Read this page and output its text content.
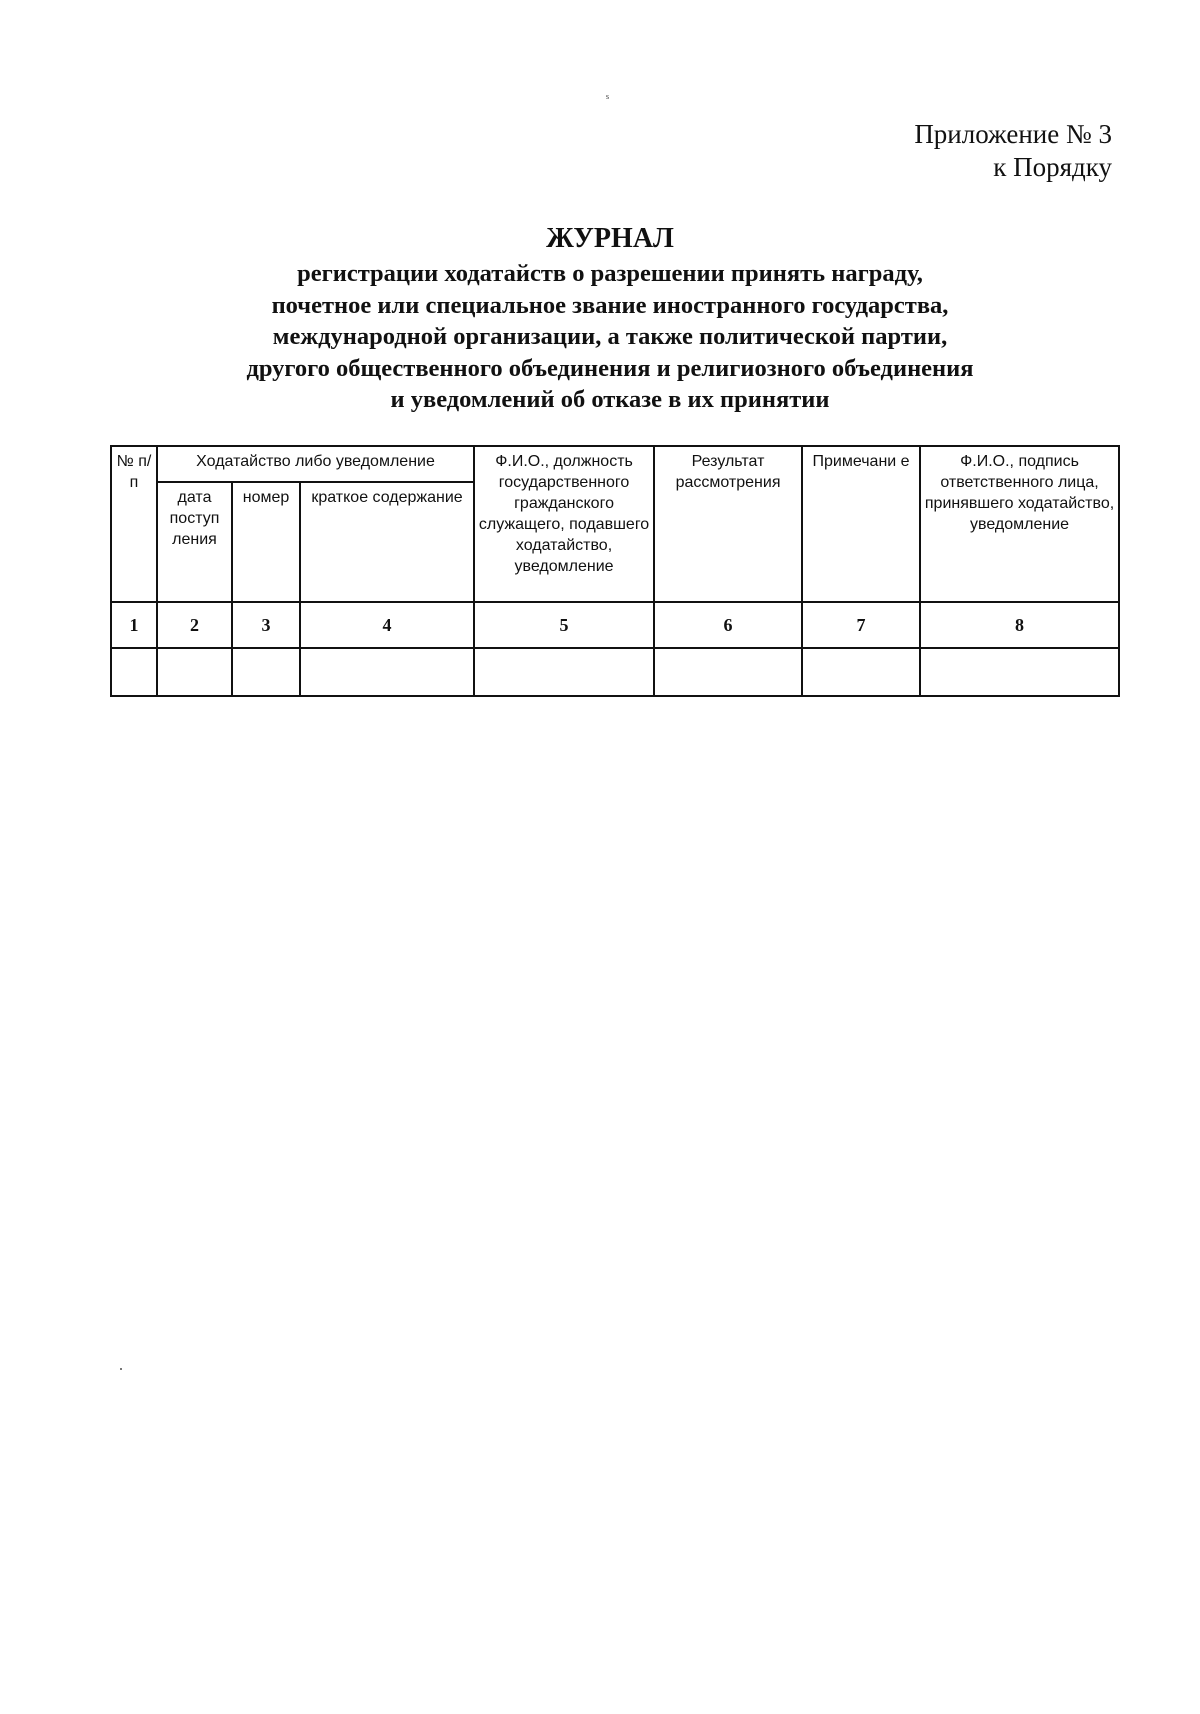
ˢ
Приложение № 3
к Порядку
ЖУРНАЛ
регистрации ходатайств о разрешении принять награду,
почетное или специальное звание иностранного государства,
международной организации, а также политической партии,
другого общественного объединения и религиозного объединения
и уведомлений об отказе в их принятии
№ п/п	Ходатайство либо уведомление			Ф.И.О., должность государственного гражданского служащего, подавшего ходатайство, уведомление	Результат рассмотрения	Примечани е	Ф.И.О., подпись ответственного лица, принявшего ходатайство, уведомление
	дата поступ ления	номер	краткое содержание				
1	2	3	4	5	6	7	8
